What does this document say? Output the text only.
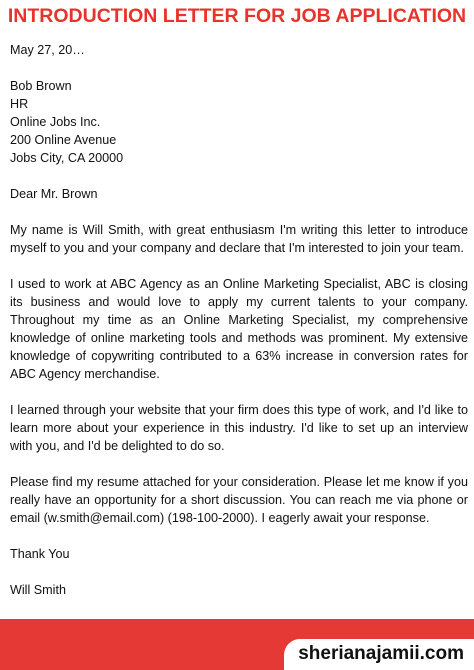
INTRODUCTION LETTER FOR JOB APPLICATION

May 27, 20…

Bob Brown
HR
Online Jobs Inc.
200 Online Avenue
Jobs City, CA 20000

Dear Mr. Brown

My name is Will Smith, with great enthusiasm I'm writing this letter to introduce myself to you and your company and declare that I'm interested to join your team.

I used to work at ABC Agency as an Online Marketing Specialist, ABC is closing its business and would love to apply my current talents to your company. Throughout my time as an Online Marketing Specialist, my comprehensive knowledge of online marketing tools and methods was prominent. My extensive knowledge of copywriting contributed to a 63% increase in conversion rates for ABC Agency merchandise.

I learned through your website that your firm does this type of work, and I'd like to learn more about your experience in this industry. I'd like to set up an interview with you, and I'd be delighted to do so.

Please find my resume attached for your consideration. Please let me know if you really have an opportunity for a short discussion. You can reach me via phone or email (w.smith@email.com) (198-100-2000). I eagerly await your response.

Thank You

Will Smith

sherianajamii.com
